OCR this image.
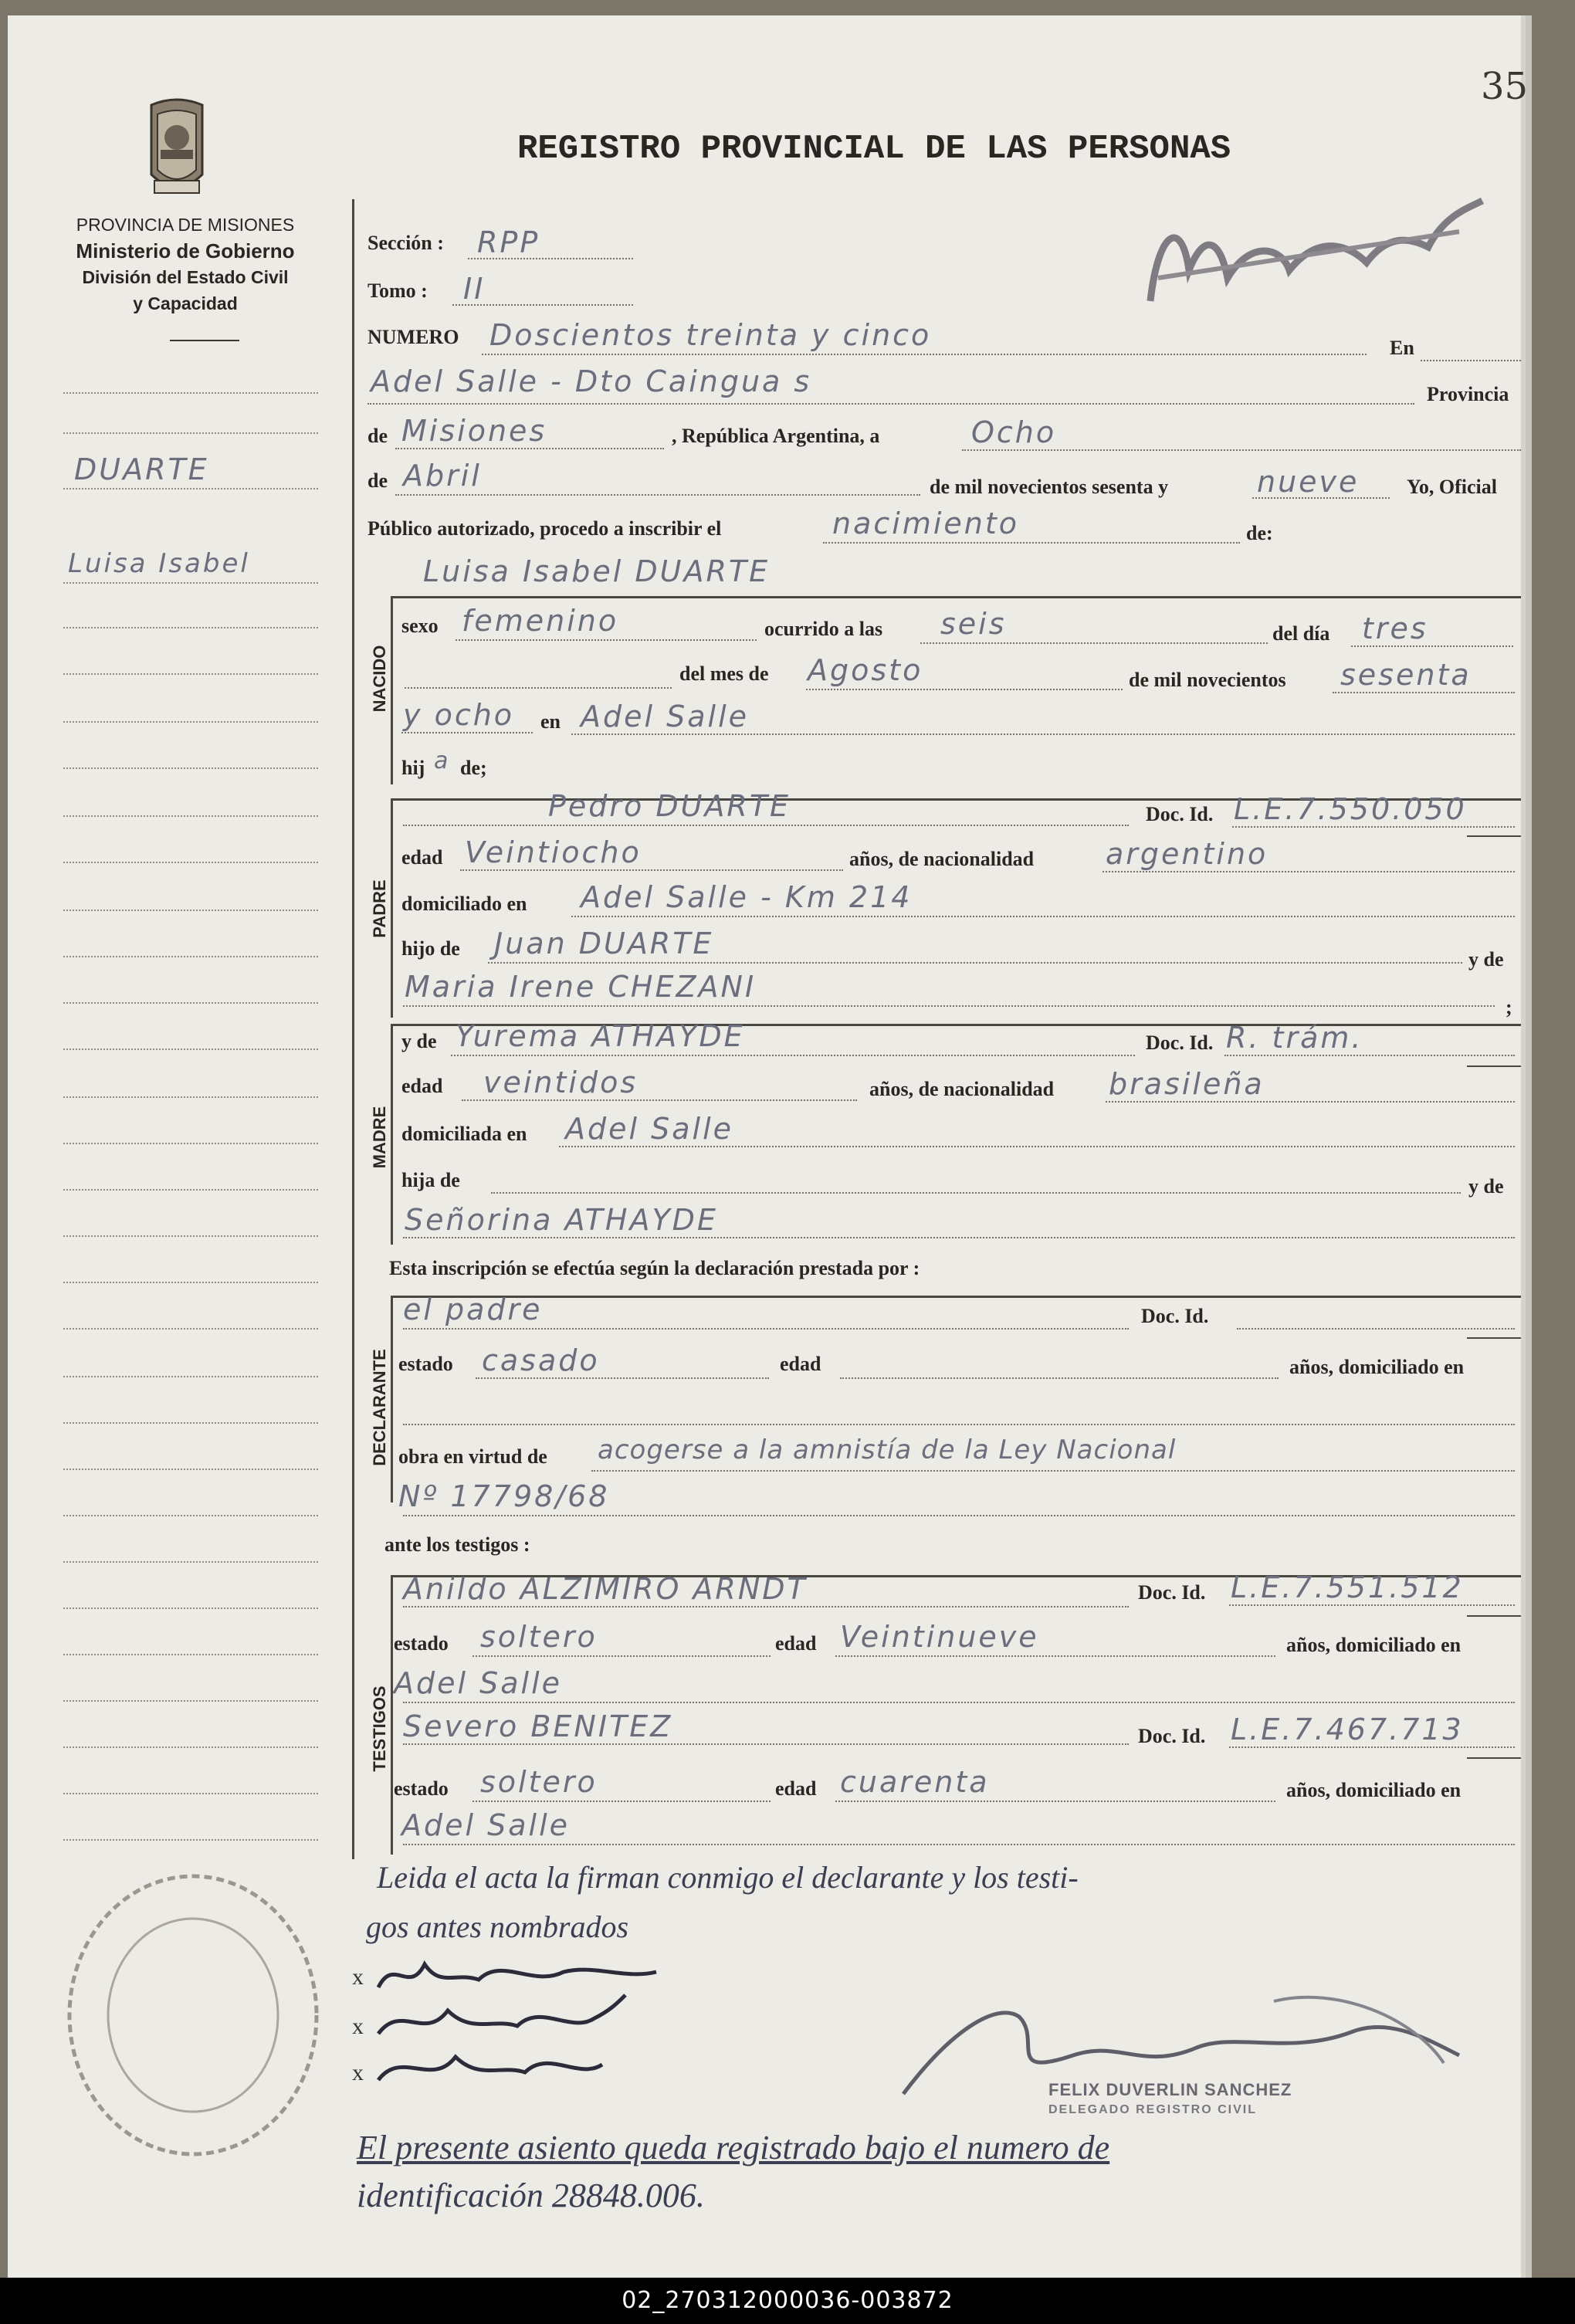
35
PROVINCIA DE MISIONES
Ministerio de Gobierno
División del Estado Civil
y Capacidad
REGISTRO PROVINCIAL DE LAS PERSONAS
DUARTE
Luisa Isabel
Sección : RPP
Tomo : II
NUMERO Doscientos treinta y cinco	En
Adel Salle - Dto Caingua s	Provincia
de Misiones	, República Argentina, a	Ocho
de Abril	de mil novecientos sesenta y	nueve Yo, Oficial
Público autorizado, procedo a inscribir el	nacimiento	de:
Luisa Isabel DUARTE
NACIDO
sexo femenino	ocurrido a las seis	del día tres
del mes de Agosto	de mil novecientos sesenta
y ocho en Adel Salle
hij a de;
PADRE
Pedro DUARTE	Doc. Id. L.E.7.550.050
edad Veintiocho	años, de nacionalidad argentino
domiciliado en Adel Salle - Km 214
hijo de Juan DUARTE	y de
Maria Irene CHEZANI
;
MADRE
y de Yurema ATHAYDE	Doc. Id. R. trám.
edad veintidos	años, de nacionalidad brasileña
domiciliada en Adel Salle
hija de	y de
Señorina ATHAYDE
Esta inscripción se efectúa según la declaración prestada por :
DECLARANTE
el padre	Doc. Id.
estado casado	edad	años, domiciliado en
obra en virtud de acogerse a la amnistía de la Ley Nacional
Nº 17798/68
ante los testigos :
TESTIGOS
Anildo ALZIMIRO ARNDT	Doc. Id. L.E.7.551.512
estado soltero	edad Veintinueve	años, domiciliado en
Adel Salle
Severo BENITEZ	Doc. Id. L.E.7.467.713
estado soltero	edad cuarenta	años, domiciliado en
Adel Salle
Leida el acta la firman conmigo el declarante y los testi-
gos antes nombrados
x
x
x
FELIX DUVERLIN SANCHEZ
DELEGADO REGISTRO CIVIL
El presente asiento queda registrado bajo el numero de
identificación 28848.006.
02_270312000036-003872
